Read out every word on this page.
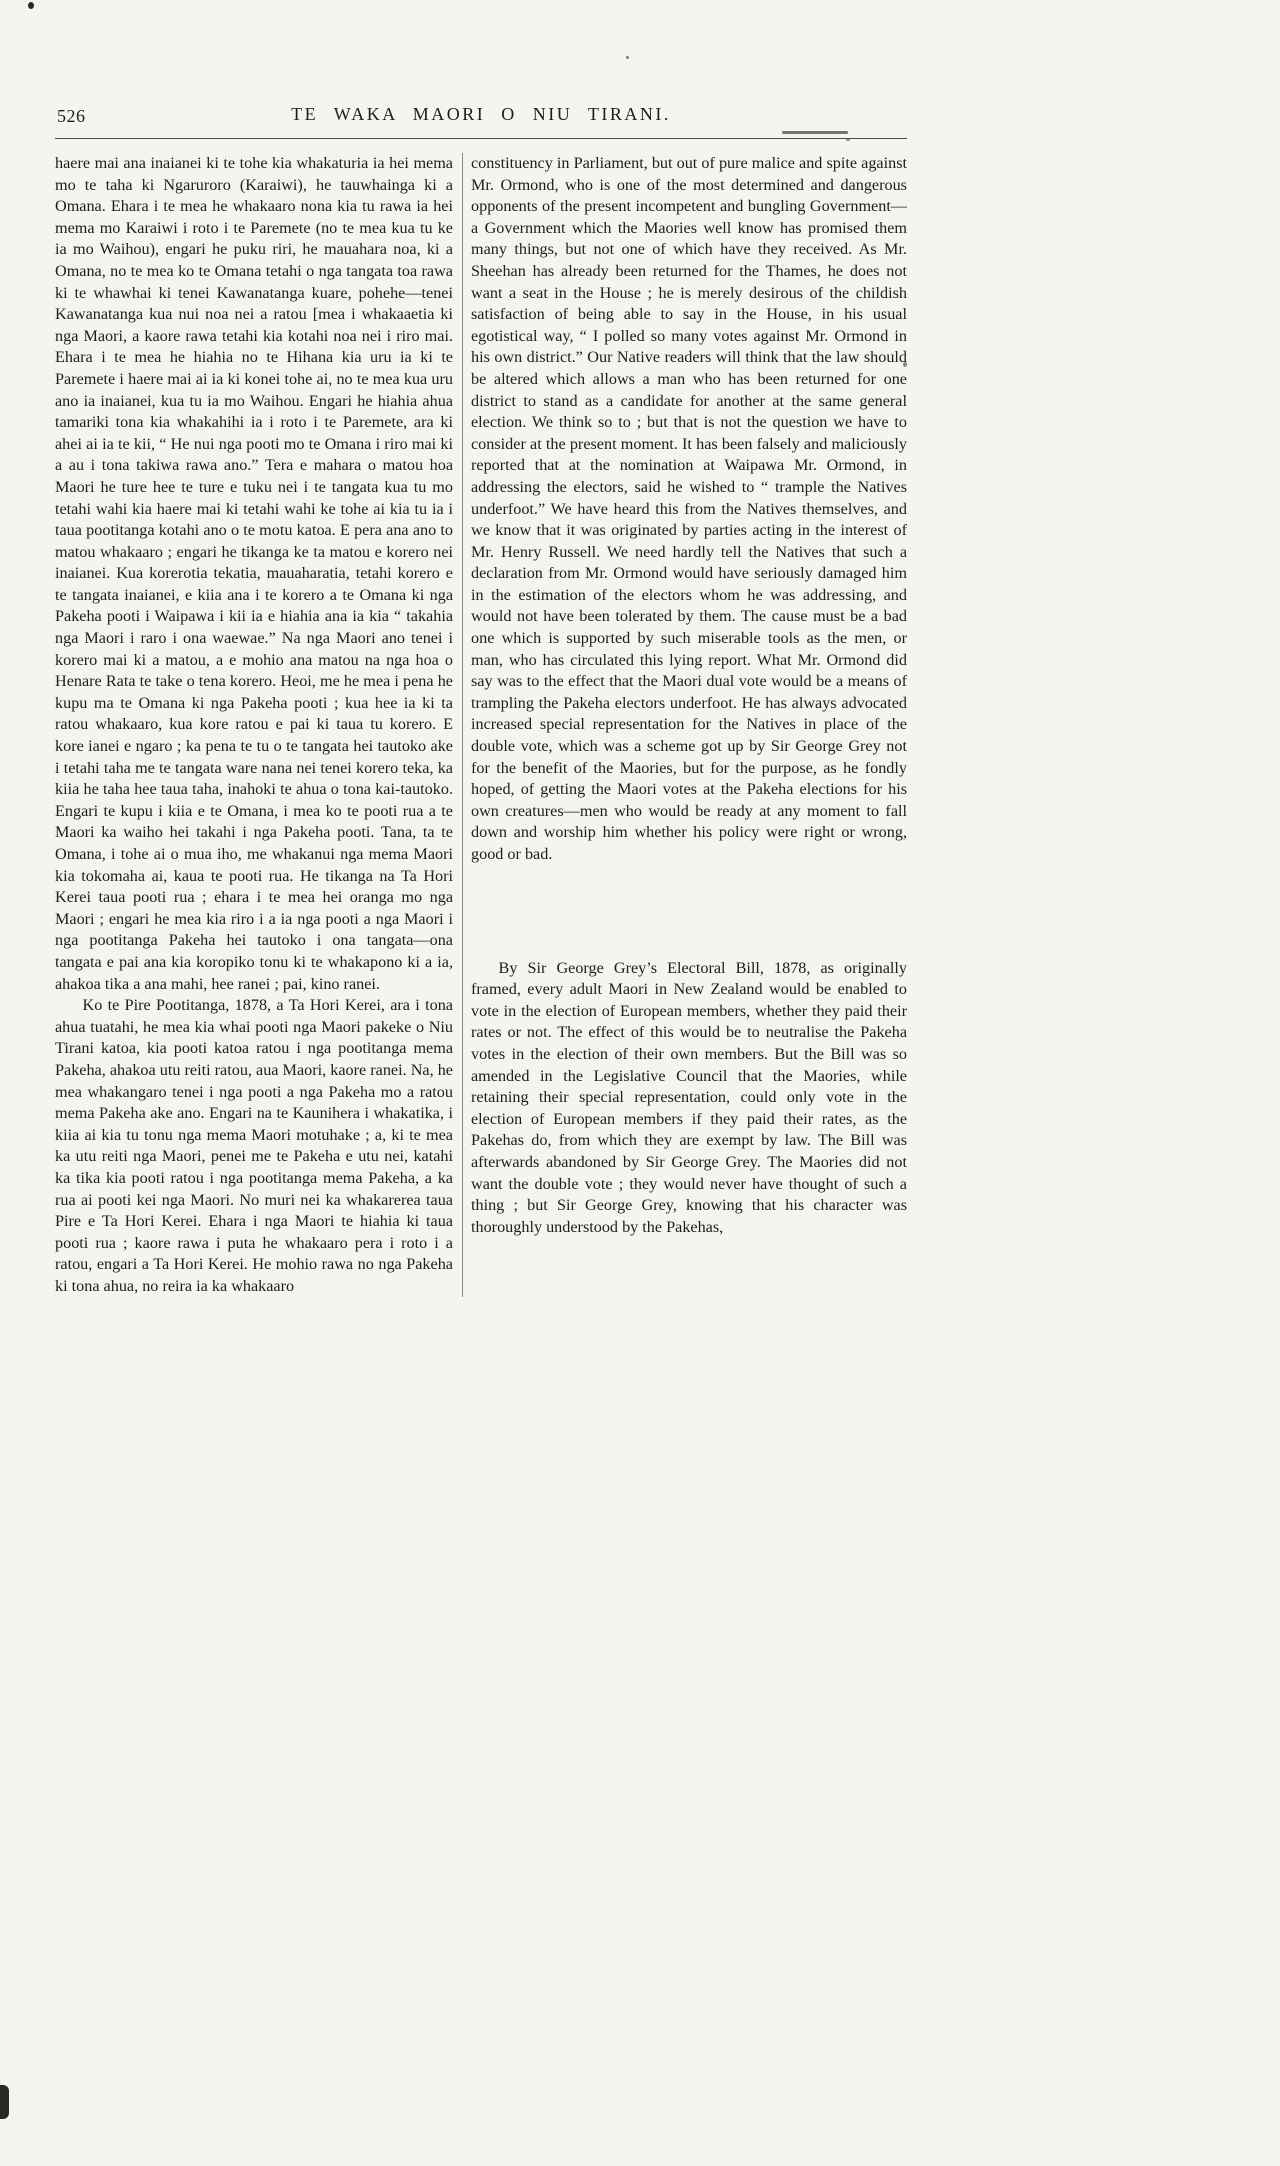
526	TE WAKA MAORI O NIU TIRANI.

haere mai ana inaianei ki te tohe kia whakaturia ia hei mema mo te taha ki Ngaruroro (Karaiwi), he tauwhainga ki a Omana. Ehara i te mea he whakaaro nona kia tu rawa ia hei mema mo Karaiwi i roto i te Paremete (no te mea kua tu ke ia mo Waihou), engari he puku riri, he mauahara noa, ki a Omana, no te mea ko te Omana tetahi o nga tangata toa rawa ki te whawhai ki tenei Kawanatanga kuare, pohehe—tenei Kawanatanga kua nui noa nei a ratou [mea i whakaaetia ki nga Maori, a kaore rawa tetahi kia kotahi noa nei i riro mai. Ehara i te mea he hiahia no te Hihana kia uru ia ki te Paremete i haere mai ai ia ki konei tohe ai, no te mea kua uru ano ia inaianei, kua tu ia mo Waihou. Engari he hiahia ahua tamariki tona kia whakahihi ia i roto i te Paremete, ara ki ahei ai ia te kii, “ He nui nga pooti mo te Omana i riro mai ki a au i tona takiwa rawa ano.” Tera e mahara o matou hoa Maori he ture hee te ture e tuku nei i te tangata kua tu mo tetahi wahi kia haere mai ki tetahi wahi ke tohe ai kia tu ia i taua pootitanga kotahi ano o te motu katoa. E pera ana ano to matou whakaaro ; engari he tikanga ke ta matou e korero nei inaianei. Kua korerotia tekatia, mauaharatia, tetahi korero e te tangata inaianei, e kiia ana i te korero a te Omana ki nga Pakeha pooti i Waipawa i kii ia e hiahia ana ia kia “ takahia nga Maori i raro i ona waewae.” Na nga Maori ano tenei i korero mai ki a matou, a e mohio ana matou na nga hoa o Henare Rata te take o tena korero. Heoi, me he mea i pena he kupu ma te Omana ki nga Pakeha pooti ; kua hee ia ki ta ratou whakaaro, kua kore ratou e pai ki taua tu korero. E kore ianei e ngaro ; ka pena te tu o te tangata hei tautoko ake i tetahi taha me te tangata ware nana nei tenei korero teka, ka kiia he taha hee taua taha, inahoki te ahua o tona kai-tautoko. Engari te kupu i kiia e te Omana, i mea ko te pooti rua a te Maori ka waiho hei takahi i nga Pakeha pooti. Tana, ta te Omana, i tohe ai o mua iho, me whakanui nga mema Maori kia tokomaha ai, kaua te pooti rua. He tikanga na Ta Hori Kerei taua pooti rua ; ehara i te mea hei oranga mo nga Maori ; engari he mea kia riro i a ia nga pooti a nga Maori i nga pootitanga Pakeha hei tautoko i ona tangata—ona tangata e pai ana kia koropiko tonu ki te whakapono ki a ia, ahakoa tika a ana mahi, hee ranei ; pai, kino ranei.

Ko te Pire Pootitanga, 1878, a Ta Hori Kerei, ara i tona ahua tuatahi, he mea kia whai pooti nga Maori pakeke o Niu Tirani katoa, kia pooti katoa ratou i nga pootitanga mema Pakeha, ahakoa utu reiti ratou, aua Maori, kaore ranei. Na, he mea whakangaro tenei i nga pooti a nga Pakeha mo a ratou mema Pakeha ake ano. Engari na te Kaunihera i whakatika, i kiia ai kia tu tonu nga mema Maori motuhake ; a, ki te mea ka utu reiti nga Maori, penei me te Pakeha e utu nei, katahi ka tika kia pooti ratou i nga pootitanga mema Pakeha, a ka rua ai pooti kei nga Maori. No muri nei ka whakarerea taua Pire e Ta Hori Kerei. Ehara i nga Maori te hiahia ki taua pooti rua ; kaore rawa i puta he whakaaro pera i roto i a ratou, engari a Ta Hori Kerei. He mohio rawa no nga Pakeha ki tona ahua, no reira ia ka whakaaro

constituency in Parliament, but out of pure malice and spite against Mr. Ormond, who is one of the most determined and dangerous opponents of the present incompetent and bungling Government—a Government which the Maories well know has promised them many things, but not one of which have they received. As Mr. Sheehan has already been returned for the Thames, he does not want a seat in the House ; he is merely desirous of the childish satisfaction of being able to say in the House, in his usual egotistical way, “ I polled so many votes against Mr. Ormond in his own district.” Our Native readers will think that the law should be altered which allows a man who has been returned for one district to stand as a candidate for another at the same general election. We think so to ; but that is not the question we have to consider at the present moment. It has been falsely and maliciously reported that at the nomination at Waipawa Mr. Ormond, in addressing the electors, said he wished to “ trample the Natives underfoot.” We have heard this from the Natives themselves, and we know that it was originated by parties acting in the interest of Mr. Henry Russell. We need hardly tell the Natives that such a declaration from Mr. Ormond would have seriously damaged him in the estimation of the electors whom he was addressing, and would not have been tolerated by them. The cause must be a bad one which is supported by such miserable tools as the men, or man, who has circulated this lying report. What Mr. Ormond did say was to the effect that the Maori dual vote would be a means of trampling the Pakeha electors underfoot. He has always advocated increased special representation for the Natives in place of the double vote, which was a scheme got up by Sir George Grey not for the benefit of the Maories, but for the purpose, as he fondly hoped, of getting the Maori votes at the Pakeha elections for his own creatures—men who would be ready at any moment to fall down and worship him whether his policy were right or wrong, good or bad.

By Sir George Grey’s Electoral Bill, 1878, as originally framed, every adult Maori in New Zealand would be enabled to vote in the election of European members, whether they paid their rates or not. The effect of this would be to neutralise the Pakeha votes in the election of their own members. But the Bill was so amended in the Legislative Council that the Maories, while retaining their special representation, could only vote in the election of European members if they paid their rates, as the Pakehas do, from which they are exempt by law. The Bill was afterwards abandoned by Sir George Grey. The Maories did not want the double vote ; they would never have thought of such a thing ; but Sir George Grey, knowing that his character was thoroughly understood by the Pakehas,
